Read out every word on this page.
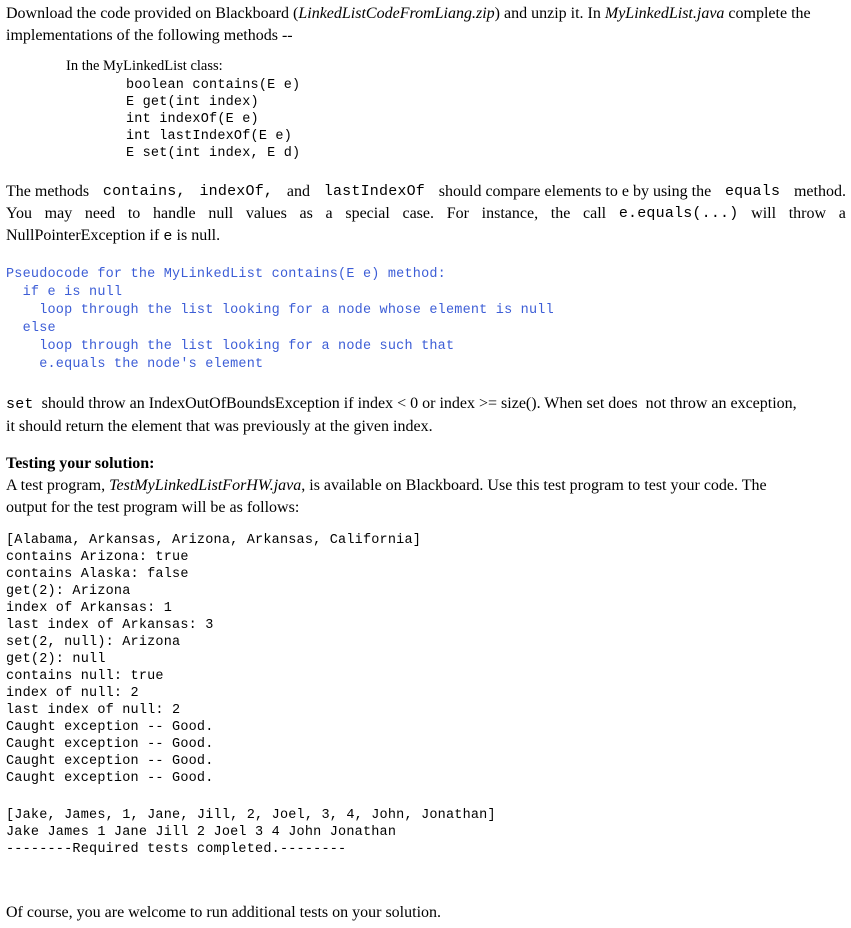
Download the code provided on Blackboard (LinkedListCodeFromLiang.zip) and unzip it. In MyLinkedList.java complete the
implementations of the following methods --
In the MyLinkedList class:
boolean contains(E e)
E get(int index)
int indexOf(E e)
int lastIndexOf(E e)
E set(int index, E d)
The methods contains, indexOf, and lastIndexOf should compare elements to e by using the equals method.
You may need to handle null values as a special case. For instance, the call e.equals(...) will throw a
NullPointerException if e is null.
Pseudocode for the MyLinkedList contains(E e) method:
if e is null
loop through the list looking for a node whose element is null
else
loop through the list looking for a node such that
e.equals the node's element
set should throw an IndexOutOfBoundsException if index < 0 or index >= size(). When set does  not throw an exception,
it should return the element that was previously at the given index.
Testing your solution:
A test program, TestMyLinkedListForHW.java, is available on Blackboard. Use this test program to test your code. The
output for the test program will be as follows:
[Alabama, Arkansas, Arizona, Arkansas, California]
contains Arizona: true
contains Alaska: false
get(2): Arizona
index of Arkansas: 1
last index of Arkansas: 3
set(2, null): Arizona
get(2): null
contains null: true
index of null: 2
last index of null: 2
Caught exception -- Good.
Caught exception -- Good.
Caught exception -- Good.
Caught exception -- Good.
[Jake, James, 1, Jane, Jill, 2, Joel, 3, 4, John, Jonathan]
Jake James 1 Jane Jill 2 Joel 3 4 John Jonathan
--------Required tests completed.--------
Of course, you are welcome to run additional tests on your solution.
